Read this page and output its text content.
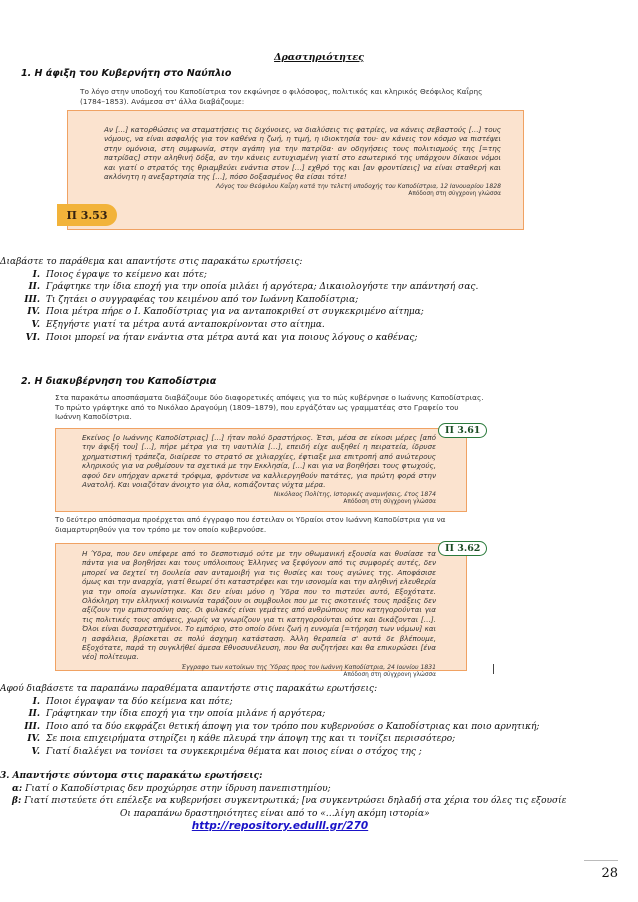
Δραστηριότητες
1. Η άφιξη του Κυβερνήτη στο Ναύπλιο
Το λόγο στην υποδοχή του Καποδίστρια τον εκφώνησε ο φιλόσοφος, πολιτικός και κληρικός Θεόφιλος Καΐρης (1784–1853). Ανάμεσα στ' άλλα διαβάζουμε:
Αν […] κατορθώσεις να σταματήσεις τις διχόνοιες, να διαλύσεις τις φατρίες, να κάνεις σεβαστούς […] τους νόμους, να είναι ασφαλής για τον καθένα η ζωή, η τιμή, η ιδιοκτησία του· αν κάνεις τον κόσμο να πιστέψει στην ομόνοια, στη συμφωνία, στην αγάπη για την πατρίδα· αν οδηγήσεις τους πολιτισμούς της [=της πατρίδας] στην αληθινή δόξα, αν την κάνεις ευτυχισμένη γιατί στο εσωτερικό της υπάρχουν δίκαιοι νόμοι και γιατί ο στρατός της θριαμβεύει ενάντια στον […] εχθρό της και [αν φροντίσεις] να είναι σταθερή και ακλόνητη η ανεξαρτησία της […], πόσο δοξασμένος θα είσαι τότε!
Λόγος του Θεόφιλου Καΐρη κατά την τελετή υποδοχής του Καποδίστρια, 12 Ιανουαρίου 1828
Απόδοση στη σύγχρονη γλώσσα
Π 3.53
Διαβάστε το παράθεμα και απαντήστε στις παρακάτω ερωτήσεις:
I. Ποιος έγραψε το κείμενο και πότε;
II. Γράφτηκε την ίδια εποχή για την οποία μιλάει ή αργότερα; Δικαιολογήστε την απάντησή σας.
III. Τι ζητάει ο συγγραφέας του κειμένου από τον Ιωάννη Καποδίστρια;
IV. Ποια μέτρα πήρε ο Ι. Καποδίστριας για να ανταποκριθεί στ συγκεκριμένο αίτημα;
V. Εξηγήστε γιατί τα μέτρα αυτά ανταποκρίνονται στο αίτημα.
VI. Ποιοι μπορεί να ήταν ενάντια στα μέτρα αυτά και για ποιους λόγους ο καθένας;
2. Η διακυβέρνηση του Καποδίστρια
Στα παρακάτω αποσπάσματα διαβάζουμε δύο διαφορετικές απόψεις για το πώς κυβέρνησε ο Ιωάννης Καποδίστριας. Το πρώτο γράφτηκε από το Νικόλαο Δραγούμη (1809–1879), που εργάζόταν ως γραμματέας στο Γραφείο του Ιωάννη Καποδίστρια.
Εκείνος [ο Ιωάννης Καποδίστριας] […] ήταν πολύ δραστήριος. Έτσι, μέσα σε είκοσι μέρες [από την άφιξή του] […], πήρε μέτρα για τη ναυτιλία […], επειδή είχε αυξηθεί η πειρατεία, ίδρυσε χρηματιστική τράπεζα, διαίρεσε το στρατό σε χιλιαρχίες, έφτιαξε μια επιτροπή από ανώτερους κληρικούς για να ρυθμίσουν τα σχετικά με την Εκκλησία, […] και για να βοηθήσει τους φτωχούς, αφού δεν υπήρχαν αρκετά τρόφιμα, φρόντισε να καλλιεργηθούν πατάτες, για πρώτη φορά στην Ανατολή. Και νοιαζόταν άνοιχτο για όλα, κοπιάζοντας νύχτα μέρα.
Νικόλαος Πολίτης, Ιστορικές αναμνήσεις, έτος 1874
Απόδοση στη σύγχρονη γλώσσα
Π 3.61
Το δεύτερο απόσπασμα προέρχεται από έγγραφο που έστειλαν οι Υδραίοι στον Ιωάννη Καποδίστρια για να διαμαρτυρηθούν για τον τρόπο με τον οποίο κυβερνούσε.
Η Ύδρα, που δεν υπέφερε από το δεσποτισμό ούτε με την οθωμανική εξουσία και θυσίασε τα πάντα για να βοηθήσει και τους υπόλοιπους Έλληνες να ξεφύγουν από τις συμφορές αυτές, δεν μπορεί να δεχτεί τη δουλεία σαν ανταμοιβή για τις θυσίες και τους αγώνες της. Αποφάσισε όμως και την αναρχία, γιατί θεωρεί ότι καταστρέφει και την ισονομία και την αληθινή ελευθερία για την οποία αγωνίστηκε. Και δεν είναι μόνο η Ύδρα που το πιστεύει αυτό, Εξοχότατε. Ολόκληρη την ελληνική κοινωνία ταράζουν οι συμβουλοι που με τις σκοτεινές τους πράξεις δεν αξίζουν την εμπιστοσύνη σας. Οι φυλακές είναι γεμάτες από ανθρώπους που κατηγορούνται για τις πολιτικές τους απόψεις, χωρίς να γνωρίζουν για τι κατηγορούνται ούτε και δικάζονται […]. Όλοι είναι δυσαρεστημένοι. Το εμπόριο, στο οποίο δίνει ζωή η ευνομία [=τήρηση των νόμων] και η ασφάλεια, βρίσκεται σε πολύ άσχημη κατάσταση. Άλλη θεραπεία σ' αυτά δε βλέπουμε, Εξοχότατε, παρά τη συγκλήθεί άμεσα Εθνοσυνέλευση, που θα συζητήσει και θα επικυρώσει [ένα νέο] πολίτευμα.
Έγγραφο των κατοίκων της Ύδρας προς τον Ιωάννη Καποδίστρια, 24 Ιουνίου 1831
Απόδοση στη σύγχρονη γλώσσα
Π 3.62
Αφού διαβάσετε τα παραπάνω παραθέματα απαντήστε στις παρακάτω ερωτήσεις:
I. Ποιοι έγραψαν τα δύο κείμενα και πότε;
II. Γράφτηκαν την ίδια εποχή για την οποία μιλάνε ή αργότερα;
III. Ποιο από τα δύο εκφράζει θετική άποψη για τον τρόπο που κυβερνούσε ο Καποδίστριας και ποιο αρνητική;
IV. Σε ποια επιχειρήματα στηρίζει η κάθε πλευρά την άποψη της και τι τονίζει περισσότερο;
V. Γιατί διαλέγει να τονίσει τα συγκεκριμένα θέματα και ποιος είναι ο στόχος της ;
3. Απαντήστε σύντομα στις παρακάτω ερωτήσεις:
α: Γιατί ο Καποδίστριας δεν προχώρησε στην ίδρυση πανεπιστημίου;
β: Γιατί πιστεύετε ότι επέλεξε να κυβερνήσει συγκεντρωτικά; [να συγκεντρώσει δηλαδή στα χέρια του όλες τις εξουσίε
Οι παραπάνω δραστηριότητες είναι από το «…λίγη ακόμη ιστορία»
http://repository.edulll.gr/270
28
